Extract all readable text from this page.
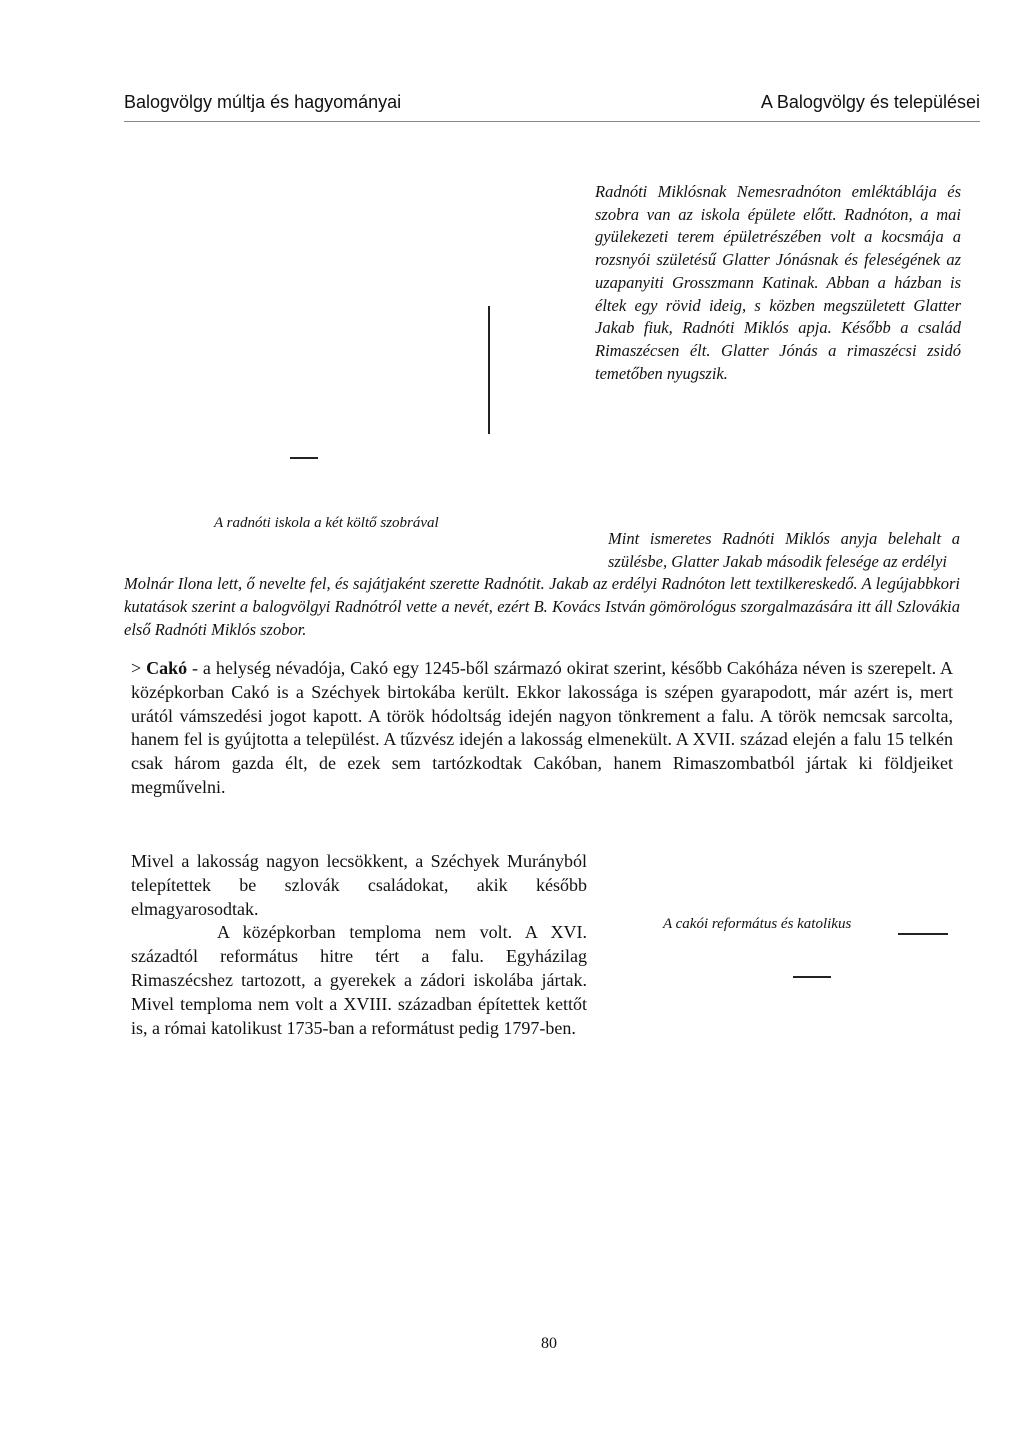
Balogvölgy múltja és hagyományai	A Balogvölgy és települései

Radnóti Miklósnak Nemesradnóton emléktáblája és szobra van az iskola épülete előtt. Radnóton, a mai gyülekezeti terem épületrészében volt a kocsmája a rozsnyói születésű Glatter Jónásnak és feleségének az uzapanyiti Grosszmann Katinak. Abban a házban is éltek egy rövid ideig, s közben megszületett Glatter Jakab fiuk, Radnóti Miklós apja. Később a család Rimaszécsen élt. Glatter Jónás a rimaszécsi zsidó temetőben nyugszik.

A radnóti iskola a két költő szobrával

Mint ismeretes Radnóti Miklós anyja belehalt a szülésbe, Glatter Jakab második felesége az erdélyi
Molnár Ilona lett, ő nevelte fel, és sajátjaként szerette Radnótit. Jakab az erdélyi Radnóton lett textilkereskedő. A legújabbkori kutatások szerint a balogvölgyi Radnótról vette a nevét, ezért B. Kovács István gömörológus szorgalmazására itt áll Szlovákia első Radnóti Miklós szobor.

> Cakó - a helység névadója, Cakó egy 1245-ből származó okirat szerint, később Cakóháza néven is szerepelt. A középkorban Cakó is a Széchyek birtokába került. Ekkor lakossága is szépen gyarapodott, már azért is, mert urától vámszedési jogot kapott. A török hódoltság idején nagyon tönkrement a falu. A török nemcsak sarcolta, hanem fel is gyújtotta a települést. A tűzvész idején a lakosság elmenekült. A XVII. század elején a falu 15 telkén csak három gazda élt, de ezek sem tartózkodtak Cakóban, hanem Rimaszombatból jártak ki földjeiket megművelni.

Mivel a lakosság nagyon lecsökkent, a Széchyek Murányból telepítettek be szlovák családokat, akik később elmagyarosodtak.
A középkorban temploma nem volt. A XVI. századtól református hitre tért a falu. Egyházilag Rimaszécshez tartozott, a gyerekek a zádori iskolába jártak. Mivel temploma nem volt a XVIII. században építettek kettőt is, a római katolikust 1735-ban a reformátust pedig 1797-ben.

A cakói református és katolikus

80
